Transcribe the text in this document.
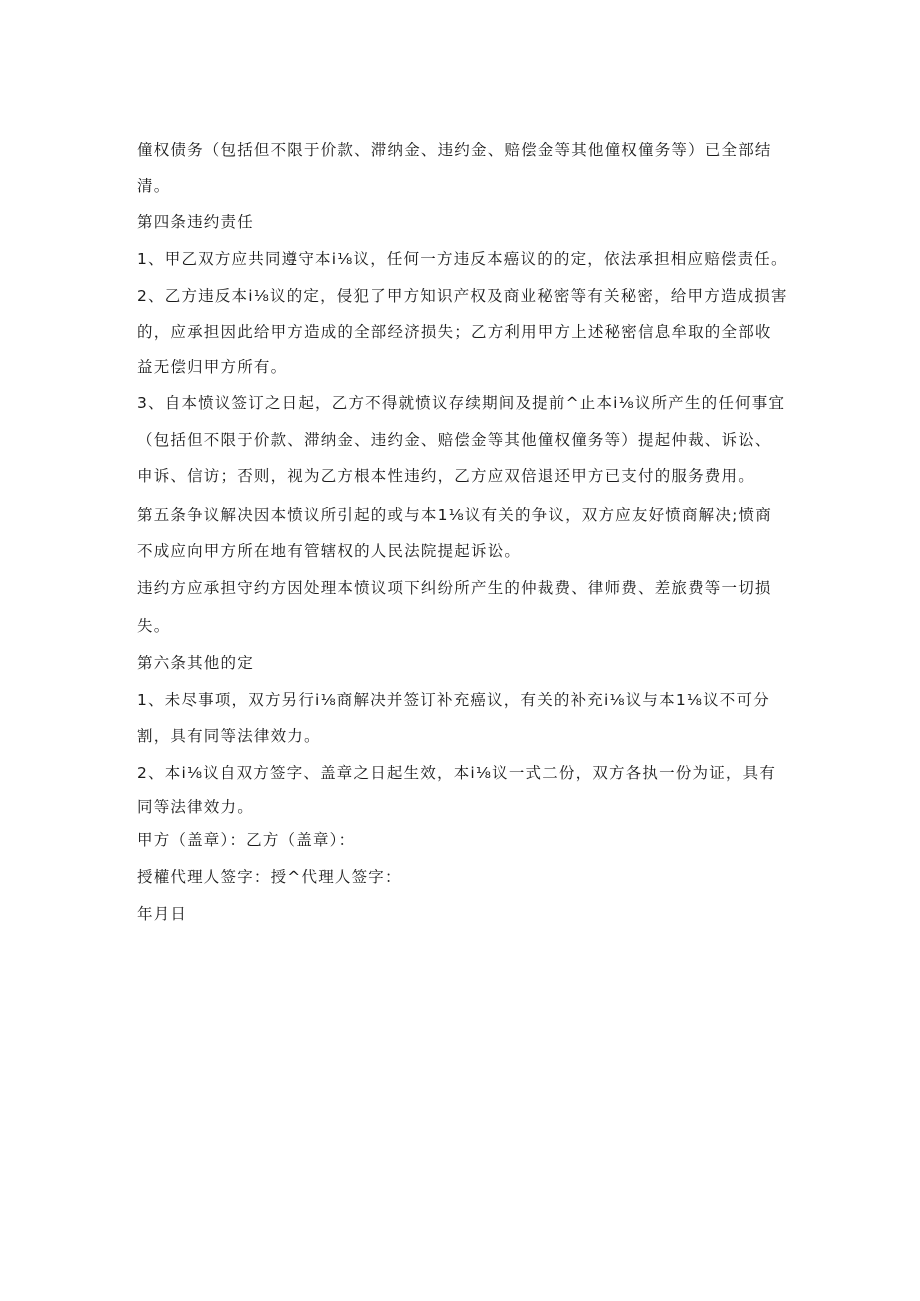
僮权债务（包括但不限于价款、滞纳金、违约金、赔偿金等其他僮权僮务等）已全部结
清。
第四条违约责任
1、甲乙双方应共同遵守本i⅛议，任何一方违反本癌议的的定，依法承担相应赔偿责任。
2、乙方违反本i⅛议的定，侵犯了甲方知识产权及商业秘密等有关秘密，给甲方造成损害
的，应承担因此给甲方造成的全部经济损失；乙方利用甲方上述秘密信息牟取的全部收
益无偿归甲方所有。
3、自本愤议签订之日起，乙方不得就愤议存续期间及提前^止本i⅛议所产生的任何事宜
（包括但不限于价款、滞纳金、违约金、赔偿金等其他僮权僮务等）提起仲裁、诉讼、
申诉、信访；否则，视为乙方根本性违约，乙方应双倍退还甲方已支付的服务费用。
第五条争议解决因本愤议所引起的或与本1⅛议有关的争议，双方应友好愤商解决;愤商
不成应向甲方所在地有管辖权的人民法院提起诉讼。
违约方应承担守约方因处理本愤议项下纠纷所产生的仲裁费、律师费、差旅费等一切损
失。
第六条其他的定
1、未尽事项，双方另行i⅛商解决并签订补充癌议，有关的补充i⅛议与本1⅛议不可分
割，具有同等法律效力。
2、本i⅛议自双方签字、盖章之日起生效，本i⅛议一式二份，双方各执一份为证，具有
同等法律效力。
甲方（盖章）：乙方（盖章）：
授權代理人签字：授^代理人签字：
年月日
